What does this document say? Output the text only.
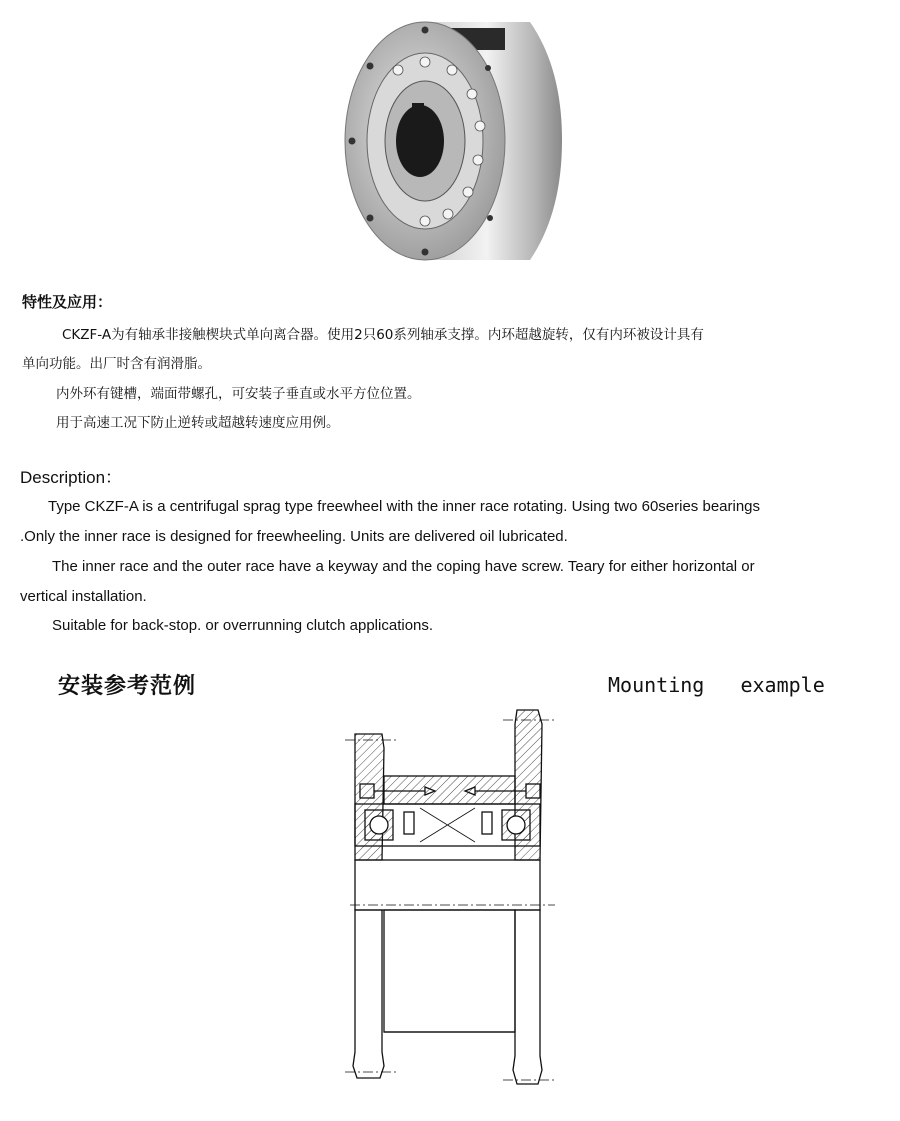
特性及应用：
CKZF-A为有轴承非接触楔块式单向离合器。使用2只60系列轴承支撑。内环超越旋转，仅有内环被设计具有
单向功能。出厂时含有润滑脂。
内外环有键槽，端面带螺孔，可安装子垂直或水平方位位置。
用于高速工况下防止逆转或超越转速度应用例。
Description：
Type CKZF-A is a centrifugal sprag type freewheel with the inner race rotating. Using two 60series bearings
.Only the inner race is designed for freewheeling. Units are delivered oil lubricated.
The inner race and the outer race have a keyway and the coping have screw. Teary for either horizontal or
vertical installation.
Suitable for back-stop. or overrunning clutch applications.
安装参考范例	Mounting   example
